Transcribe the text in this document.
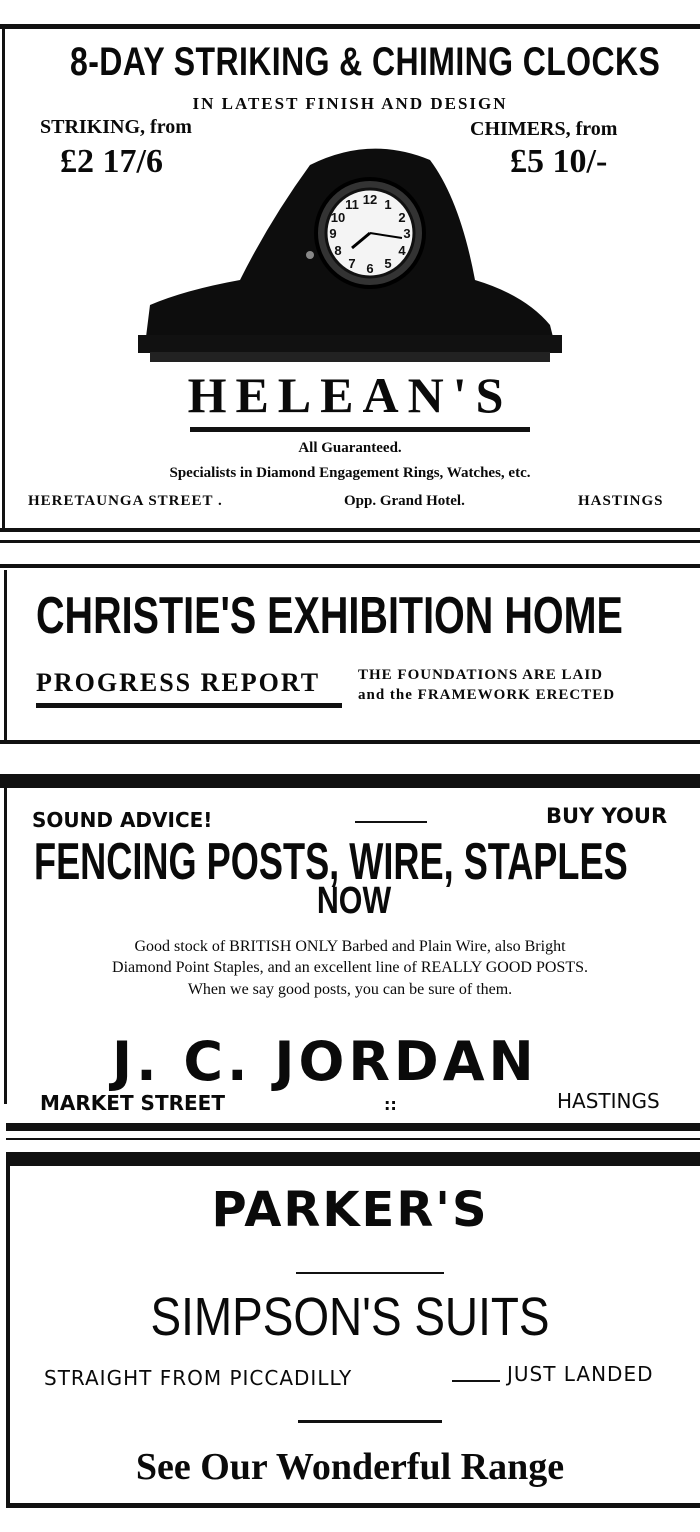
8-DAY STRIKING & CHIMING CLOCKS
IN LATEST FINISH AND DESIGN
STRIKING, from
£2 17/6
CHIMERS, from
£5 10/-
12 1
2
3
4
5
6
7
8
9
10
11
HELEAN'S
All Guaranteed.
Specialists in Diamond Engagement Rings, Watches, etc.
HERETAUNGA STREET .	Opp. Grand Hotel.	HASTINGS
CHRISTIE'S EXHIBITION HOME
PROGRESS REPORT	THE FOUNDATIONS ARE LAID
and the FRAMEWORK ERECTED
SOUND ADVICE!	BUY YOUR
FENCING POSTS, WIRE, STAPLES
NOW
Good stock of BRITISH ONLY Barbed and Plain Wire, also Bright
Diamond Point Staples, and an excellent line of REALLY GOOD POSTS.
When we say good posts, you can be sure of them.
J. C. JORDAN
MARKET STREET	::	HASTINGS
PARKER'S
SIMPSON'S SUITS
STRAIGHT FROM PICCADILLY	JUST LANDED
See Our Wonderful Range
